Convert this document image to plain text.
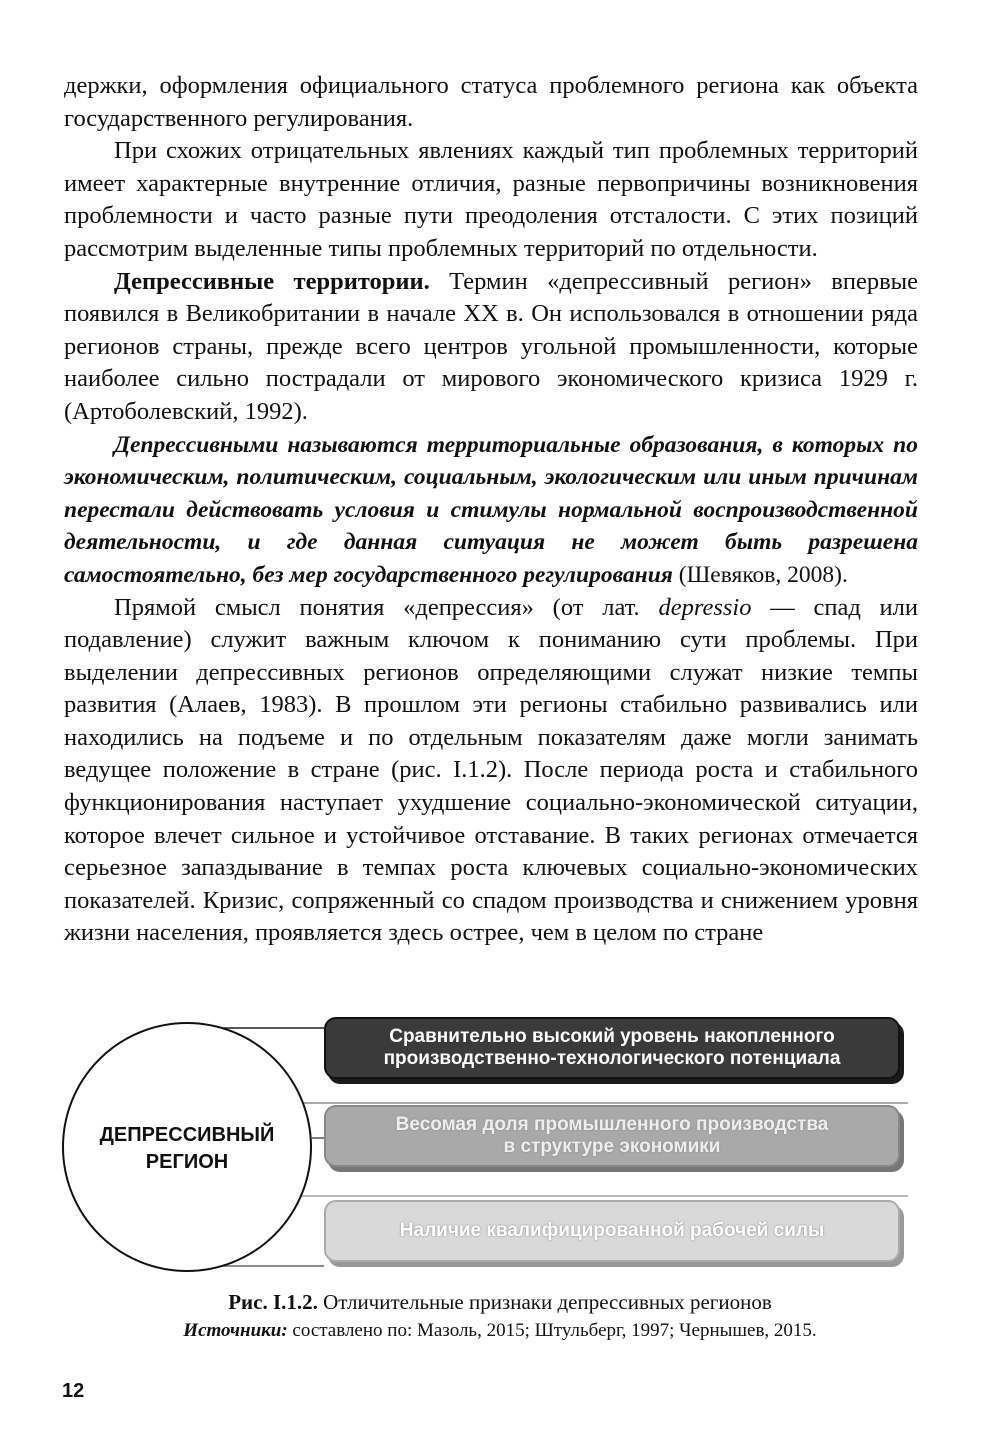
держки, оформления официального статуса проблемного региона как объекта государственного регулирования.

При схожих отрицательных явлениях каждый тип проблемных территорий имеет характерные внутренние отличия, разные первопричины возникновения проблемности и часто разные пути преодоления отсталости. С этих позиций рассмотрим выделенные типы проблемных территорий по отдельности.

Депрессивные территории. Термин «депрессивный регион» впервые появился в Великобритании в начале XX в. Он использовался в отношении ряда регионов страны, прежде всего центров угольной промышленности, которые наиболее сильно пострадали от мирового экономического кризиса 1929 г. (Артоболевский, 1992).

Депрессивными называются территориальные образования, в которых по экономическим, политическим, социальным, экологическим или иным причинам перестали действовать условия и стимулы нормальной воспроизводственной деятельности, и где данная ситуация не может быть разрешена самостоятельно, без мер государственного регулирования (Шевяков, 2008).

Прямой смысл понятия «депрессия» (от лат. depressio — спад или подавление) служит важным ключом к пониманию сути проблемы. При выделении депрессивных регионов определяющими служат низкие темпы развития (Алаев, 1983). В прошлом эти регионы стабильно развивались или находились на подъеме и по отдельным показателям даже могли занимать ведущее положение в стране (рис. I.1.2). После периода роста и стабильного функционирования наступает ухудшение социально-экономической ситуации, которое влечет сильное и устойчивое отставание. В таких регионах отмечается серьезное запаздывание в темпах роста ключевых социально-экономических показателей. Кризис, сопряженный со спадом производства и снижением уровня жизни населения, проявляется здесь острее, чем в целом по стране

ДЕПРЕССИВНЫЙ
РЕГИОН
Сравнительно высокий уровень накопленного
производственно-технологического потенциала
Весомая доля промышленного производства
в структуре экономики
Наличие квалифицированной рабочей силы
Рис. I.1.2. Отличительные признаки депрессивных регионов
Источники: составлено по: Мазоль, 2015; Штульберг, 1997; Чернышев, 2015.
12
